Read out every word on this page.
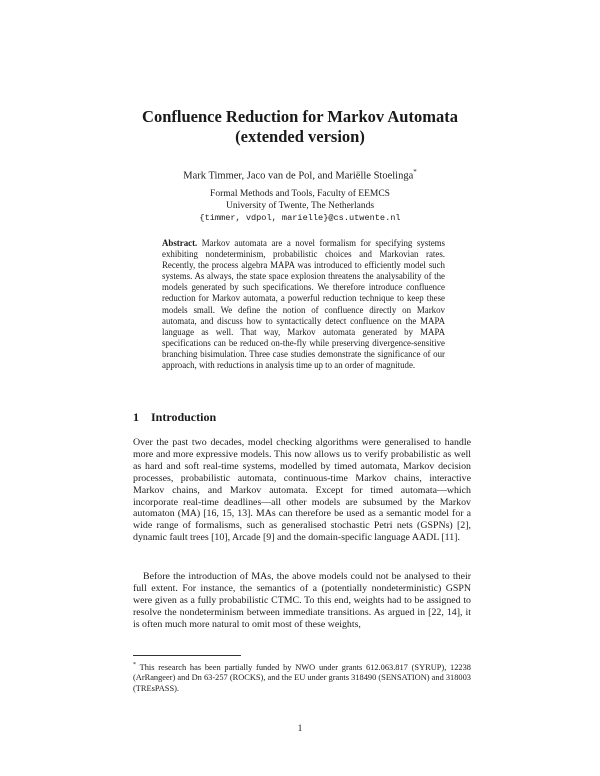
Confluence Reduction for Markov Automata
(extended version)
Mark Timmer, Jaco van de Pol, and Mariëlle Stoelinga*
Formal Methods and Tools, Faculty of EEMCS
University of Twente, The Netherlands
{timmer, vdpol, marielle}@cs.utwente.nl
Abstract. Markov automata are a novel formalism for specifying systems exhibiting nondeterminism, probabilistic choices and Markovian rates. Recently, the process algebra MAPA was introduced to efficiently model such systems. As always, the state space explosion threatens the analysability of the models generated by such specifications. We therefore introduce confluence reduction for Markov automata, a powerful reduction technique to keep these models small. We define the notion of confluence directly on Markov automata, and discuss how to syntactically detect confluence on the MAPA language as well. That way, Markov automata generated by MAPA specifications can be reduced on-the-fly while preserving divergence-sensitive branching bisimulation. Three case studies demonstrate the significance of our approach, with reductions in analysis time up to an order of magnitude.
1 Introduction
Over the past two decades, model checking algorithms were generalised to handle more and more expressive models. This now allows us to verify probabilistic as well as hard and soft real-time systems, modelled by timed automata, Markov decision processes, probabilistic automata, continuous-time Markov chains, interactive Markov chains, and Markov automata. Except for timed automata—which incorporate real-time deadlines—all other models are subsumed by the Markov automaton (MA) [16, 15, 13]. MAs can therefore be used as a semantic model for a wide range of formalisms, such as generalised stochastic Petri nets (GSPNs) [2], dynamic fault trees [10], Arcade [9] and the domain-specific language AADL [11].
Before the introduction of MAs, the above models could not be analysed to their full extent. For instance, the semantics of a (potentially nondeterministic) GSPN were given as a fully probabilistic CTMC. To this end, weights had to be assigned to resolve the nondeterminism between immediate transitions. As argued in [22, 14], it is often much more natural to omit most of these weights,
* This research has been partially funded by NWO under grants 612.063.817 (SYRUP), 12238 (ArRangeer) and Dn 63-257 (ROCKS), and the EU under grants 318490 (SENSATION) and 318003 (TREsPASS).
1
